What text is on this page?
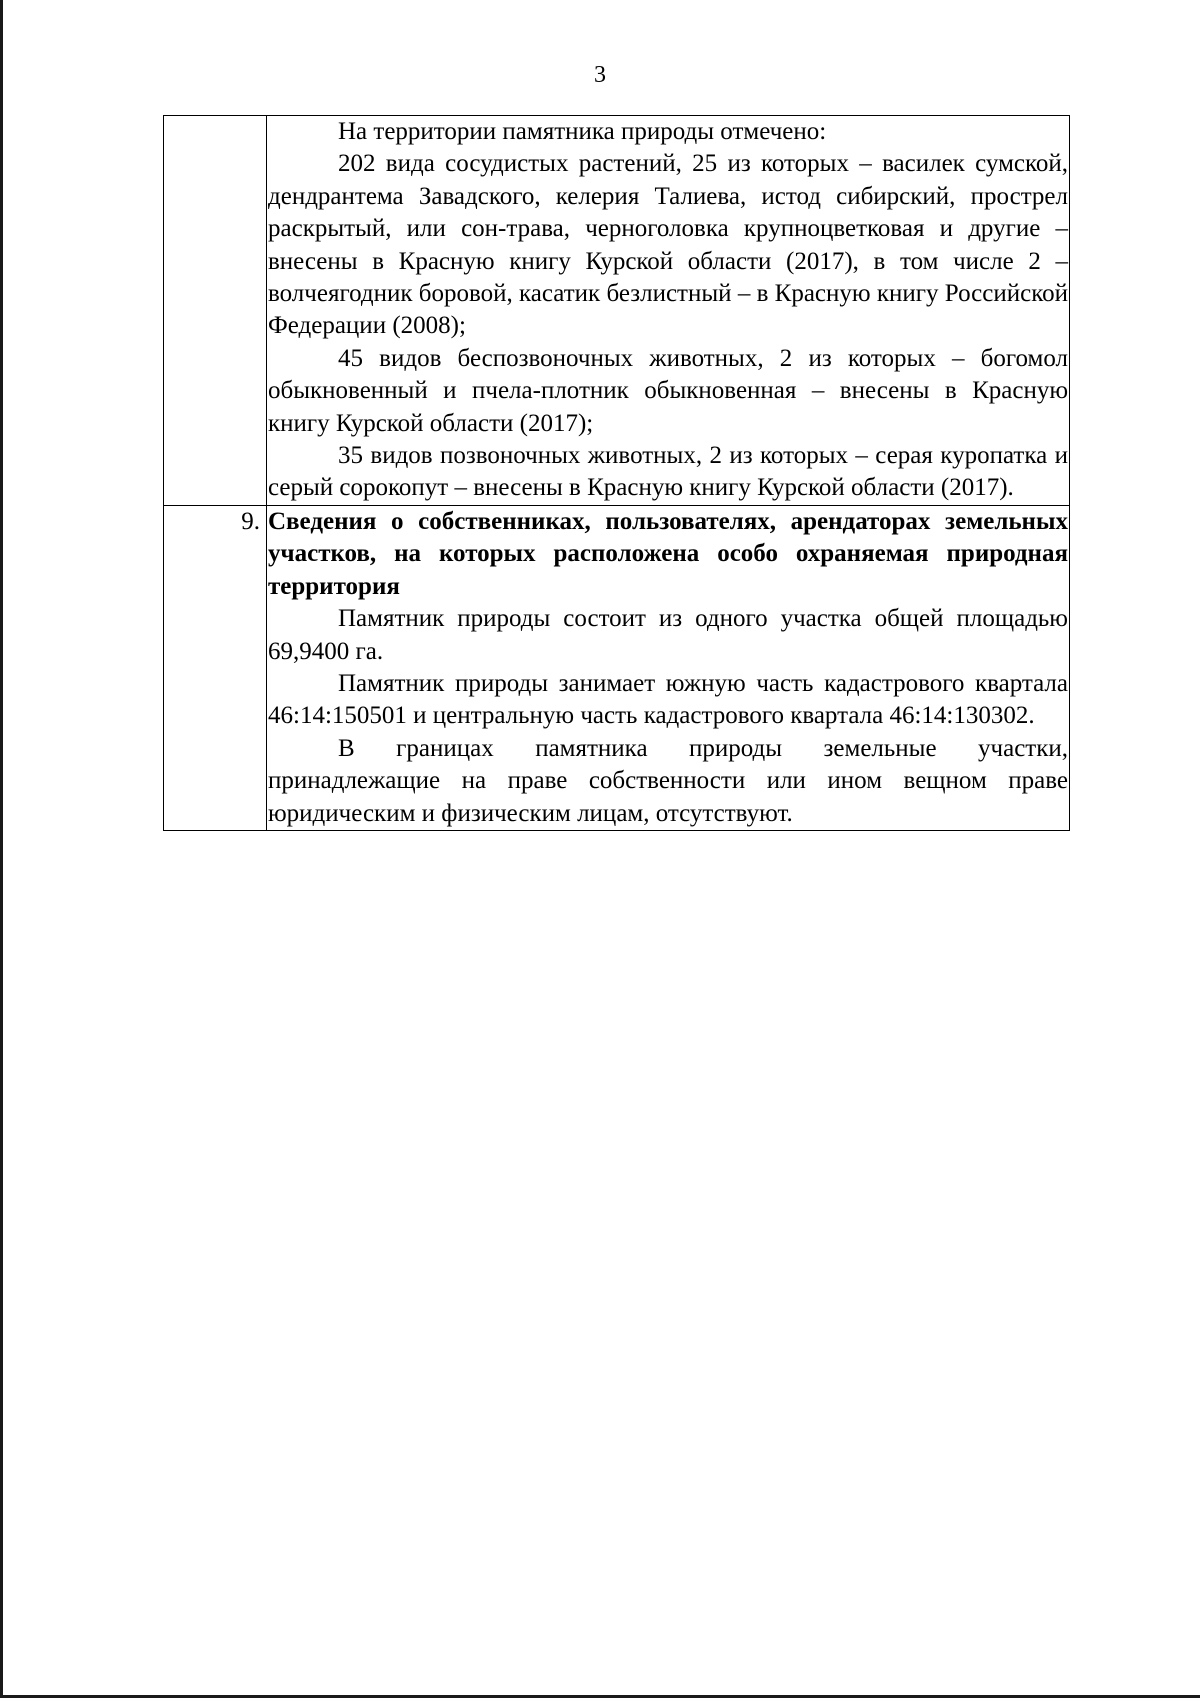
3

	На территории памятника природы отмечено:

202 вида сосудистых растений, 25 из которых – василек сумской, дендрантема Завадского, келерия Талиева, истод сибирский, прострел раскрытый, или сон-трава, черноголовка крупноцветковая и другие – внесены в Красную книгу Курской области (2017), в том числе 2 – волчеягодник боровой, касатик безлистный – в Красную книгу Российской Федерации (2008);

45 видов беспозвоночных животных, 2 из которых – богомол обыкновенный и пчела-плотник обыкновенная – внесены в Красную книгу Курской области (2017);

35 видов позвоночных животных, 2 из которых – серая куропатка и серый сорокопут – внесены в Красную книгу Курской области (2017).

9.	Сведения о собственниках, пользователях, арендаторах земельных участков, на которых расположена особо охраняемая природная территория

Памятник природы состоит из одного участка общей площадью 69,9400 га.

Памятник природы занимает южную часть кадастрового квартала 46:14:150501 и центральную часть кадастрового квартала 46:14:130302.

В границах памятника природы земельные участки, принадлежащие на праве собственности или ином вещном праве юридическим и физическим лицам, отсутствуют.
